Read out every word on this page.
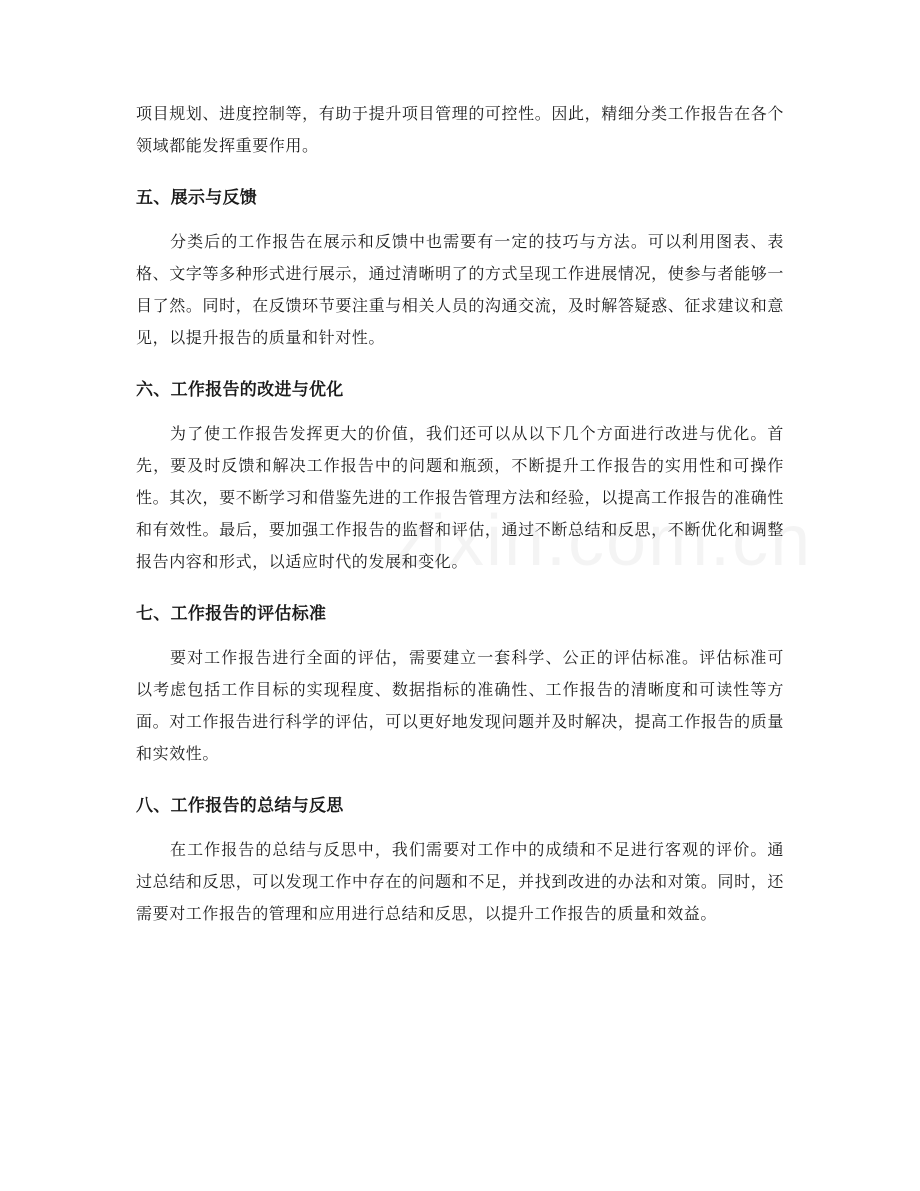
项目规划、进度控制等，有助于提升项目管理的可控性。因此，精细分类工作报告在各个领域都能发挥重要作用。

五、展示与反馈

分类后的工作报告在展示和反馈中也需要有一定的技巧与方法。可以利用图表、表格、文字等多种形式进行展示，通过清晰明了的方式呈现工作进展情况，使参与者能够一目了然。同时，在反馈环节要注重与相关人员的沟通交流，及时解答疑惑、征求建议和意见，以提升报告的质量和针对性。

六、工作报告的改进与优化

为了使工作报告发挥更大的价值，我们还可以从以下几个方面进行改进与优化。首先，要及时反馈和解决工作报告中的问题和瓶颈，不断提升工作报告的实用性和可操作性。其次，要不断学习和借鉴先进的工作报告管理方法和经验，以提高工作报告的准确性和有效性。最后，要加强工作报告的监督和评估，通过不断总结和反思，不断优化和调整报告内容和形式，以适应时代的发展和变化。

七、工作报告的评估标准

要对工作报告进行全面的评估，需要建立一套科学、公正的评估标准。评估标准可以考虑包括工作目标的实现程度、数据指标的准确性、工作报告的清晰度和可读性等方面。对工作报告进行科学的评估，可以更好地发现问题并及时解决，提高工作报告的质量和实效性。

八、工作报告的总结与反思

在工作报告的总结与反思中，我们需要对工作中的成绩和不足进行客观的评价。通过总结和反思，可以发现工作中存在的问题和不足，并找到改进的办法和对策。同时，还需要对工作报告的管理和应用进行总结和反思，以提升工作报告的质量和效益。
